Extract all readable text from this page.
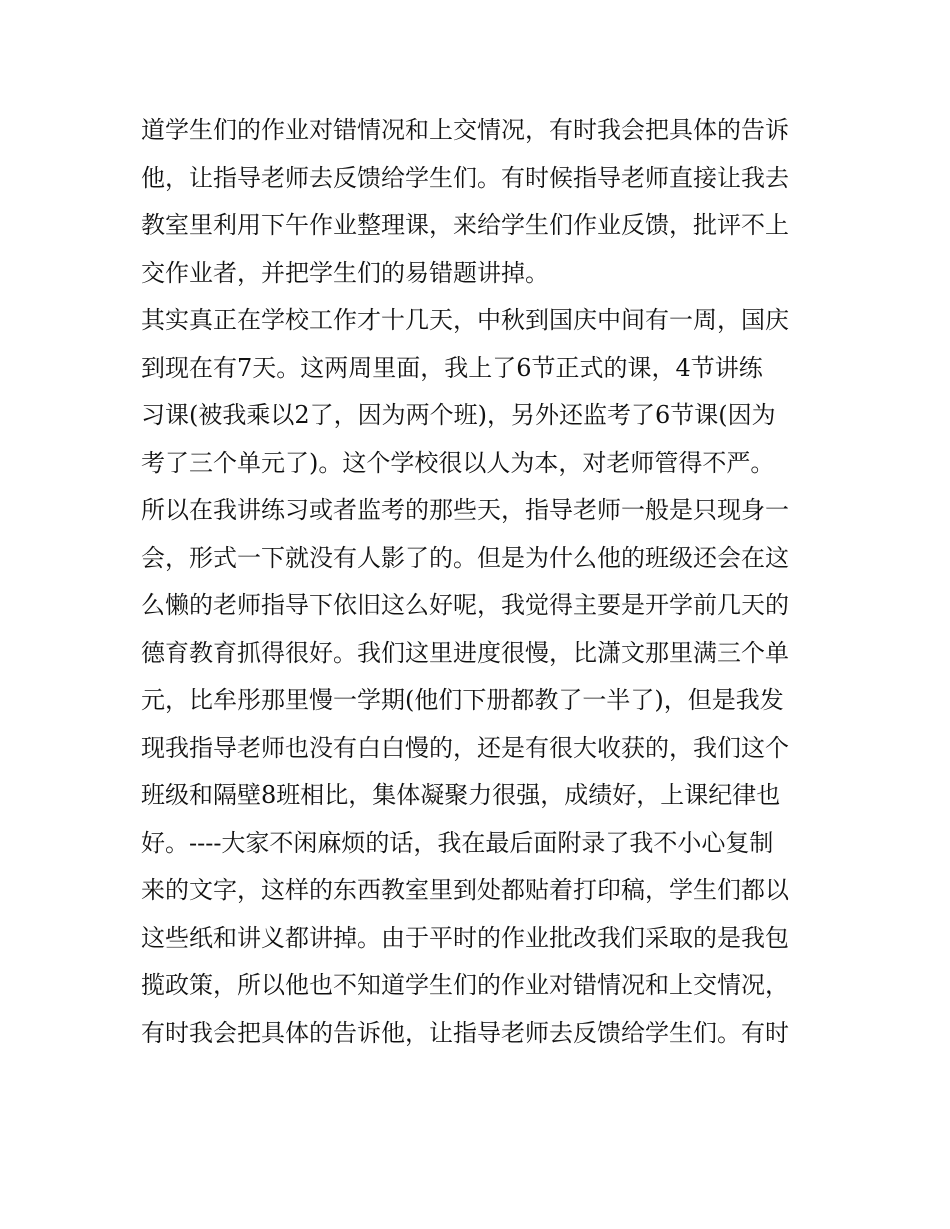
道学生们的作业对错情况和上交情况，有时我会把具体的告诉
他，让指导老师去反馈给学生们。有时候指导老师直接让我去
教室里利用下午作业整理课，来给学生们作业反馈，批评不上
交作业者，并把学生们的易错题讲掉。
其实真正在学校工作才十几天，中秋到国庆中间有一周，国庆
到现在有7天。这两周里面，我上了6节正式的课，4节讲练
习课(被我乘以2了，因为两个班)，另外还监考了6节课(因为
考了三个单元了)。这个学校很以人为本，对老师管得不严。
所以在我讲练习或者监考的那些天，指导老师一般是只现身一
会，形式一下就没有人影了的。但是为什么他的班级还会在这
么懒的老师指导下依旧这么好呢，我觉得主要是开学前几天的
德育教育抓得很好。我们这里进度很慢，比潇文那里满三个单
元，比牟彤那里慢一学期(他们下册都教了一半了)，但是我发
现我指导老师也没有白白慢的，还是有很大收获的，我们这个
班级和隔壁8班相比，集体凝聚力很强，成绩好，上课纪律也
好。----大家不闲麻烦的话，我在最后面附录了我不小心复制
来的文字，这样的东西教室里到处都贴着打印稿，学生们都以
这些纸和讲义都讲掉。由于平时的作业批改我们采取的是我包
揽政策，所以他也不知道学生们的作业对错情况和上交情况，
有时我会把具体的告诉他，让指导老师去反馈给学生们。有时
